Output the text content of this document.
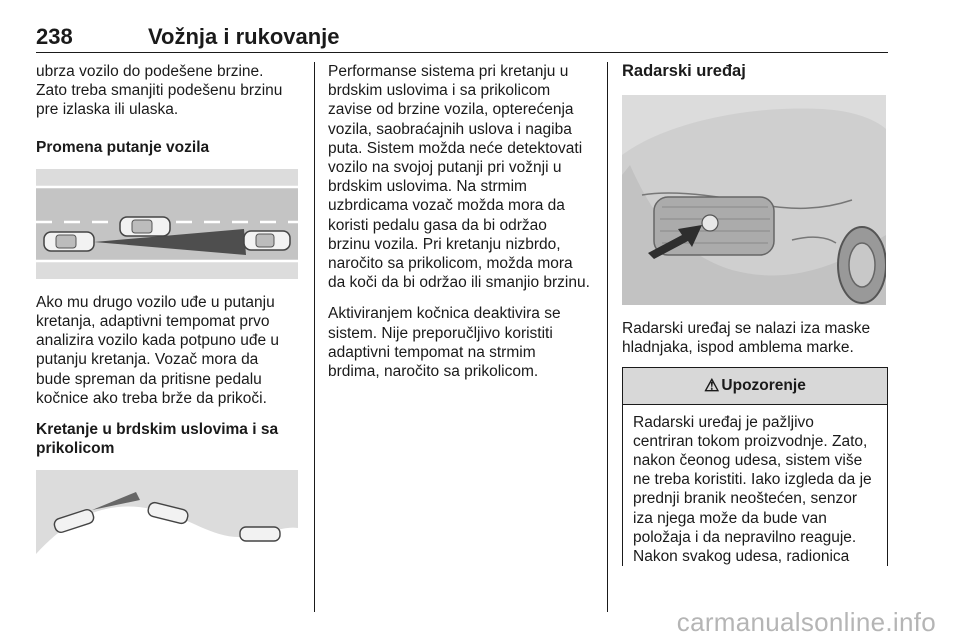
238	Vožnja i rukovanje

ubrza vozilo do podešene brzine.

Zato treba smanjiti podešenu brzinu

pre izlaska ili ulaska.

Promena putanje vozila

Ako mu drugo vozilo uđe u putanju

kretanja, adaptivni tempomat prvo

analizira vozilo kada potpuno uđe u

putanju kretanja. Vozač mora da

bude spreman da pritisne pedalu

kočnice ako treba brže da prikoči.

Kretanje u brdskim uslovima i sa

prikolicom

Performanse sistema pri kretanju u

brdskim uslovima i sa prikolicom

zavise od brzine vozila, opterećenja

vozila, saobraćajnih uslova i nagiba

puta. Sistem možda neće detektovati

vozilo na svojoj putanji pri vožnji u

brdskim uslovima. Na strmim

uzbrdicama vozač možda mora da

koristi pedalu gasa da bi održao

brzinu vozila. Pri kretanju nizbrdo,

naročito sa prikolicom, možda mora

da koči da bi održao ili smanjio brzinu.

Aktiviranjem kočnica deaktivira se

sistem. Nije preporučljivo koristiti

adaptivni tempomat na strmim

brdima, naročito sa prikolicom.

Radarski uređaj

Radarski uređaj se nalazi iza maske

hladnjaka, ispod amblema marke.

⚠ Upozorenje

Radarski uređaj je pažljivo

centriran tokom proizvodnje. Zato,

nakon čeonog udesa, sistem više

ne treba koristiti. Iako izgleda da je

prednji branik neoštećen, senzor

iza njega može da bude van

položaja i da nepravilno reaguje.

Nakon svakog udesa, radionica

carmanualsonline.info
